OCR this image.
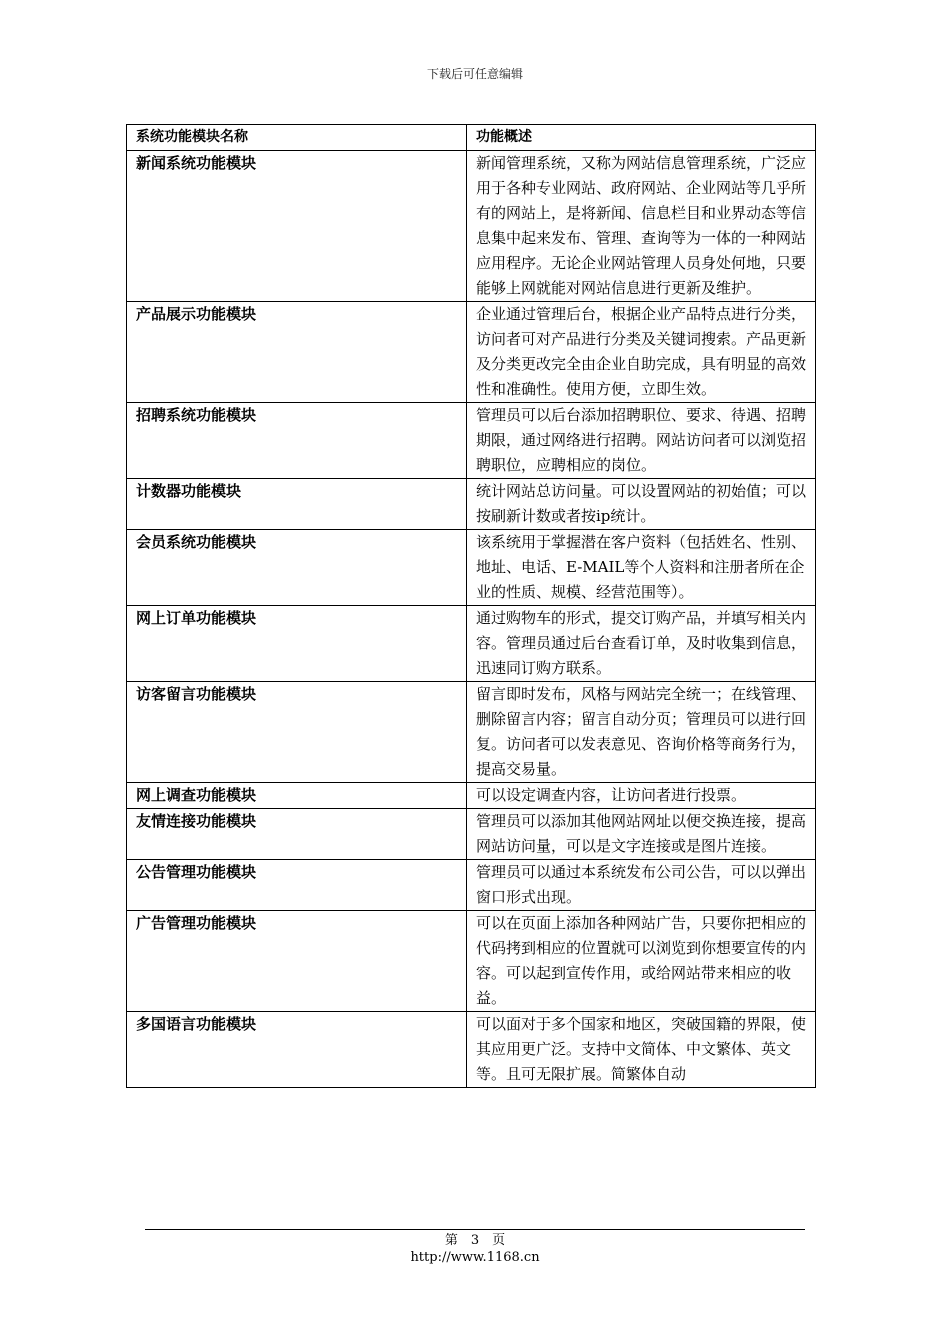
下载后可任意编辑
系统功能模块名称	功能概述
新闻系统功能模块	新闻管理系统，又称为网站信息管理系统，广泛应用于各种专业网站、政府网站、企业网站等几乎所有的网站上，是将新闻、信息栏目和业界动态等信息集中起来发布、管理、查询等为一体的一种网站应用程序。无论企业网站管理人员身处何地，只要能够上网就能对网站信息进行更新及维护。
产品展示功能模块	企业通过管理后台，根据企业产品特点进行分类，访问者可对产品进行分类及关键词搜索。产品更新及分类更改完全由企业自助完成，具有明显的高效性和准确性。使用方便，立即生效。
招聘系统功能模块	管理员可以后台添加招聘职位、要求、待遇、招聘期限，通过网络进行招聘。网站访问者可以浏览招聘职位，应聘相应的岗位。
计数器功能模块	统计网站总访问量。可以设置网站的初始值；可以按刷新计数或者按ip统计。
会员系统功能模块	该系统用于掌握潜在客户资料（包括姓名、性别、地址、电话、E-MAIL等个人资料和注册者所在企业的性质、规模、经营范围等）。
网上订单功能模块	通过购物车的形式，提交订购产品，并填写相关内容。管理员通过后台查看订单，及时收集到信息，迅速同订购方联系。
访客留言功能模块	留言即时发布，风格与网站完全统一；在线管理、删除留言内容；留言自动分页；管理员可以进行回复。访问者可以发表意见、咨询价格等商务行为，提高交易量。
网上调查功能模块	可以设定调查内容，让访问者进行投票。
友情连接功能模块	管理员可以添加其他网站网址以便交换连接，提高网站访问量，可以是文字连接或是图片连接。
公告管理功能模块	管理员可以通过本系统发布公司公告，可以以弹出窗口形式出现。
广告管理功能模块	可以在页面上添加各种网站广告，只要你把相应的代码拷到相应的位置就可以浏览到你想要宣传的内容。可以起到宣传作用，或给网站带来相应的收益。
多国语言功能模块	可以面对于多个国家和地区，突破国籍的界限，使其应用更广泛。支持中文简体、中文繁体、英文等。且可无限扩展。简繁体自动
第　3　页
http://www.1168.cn
